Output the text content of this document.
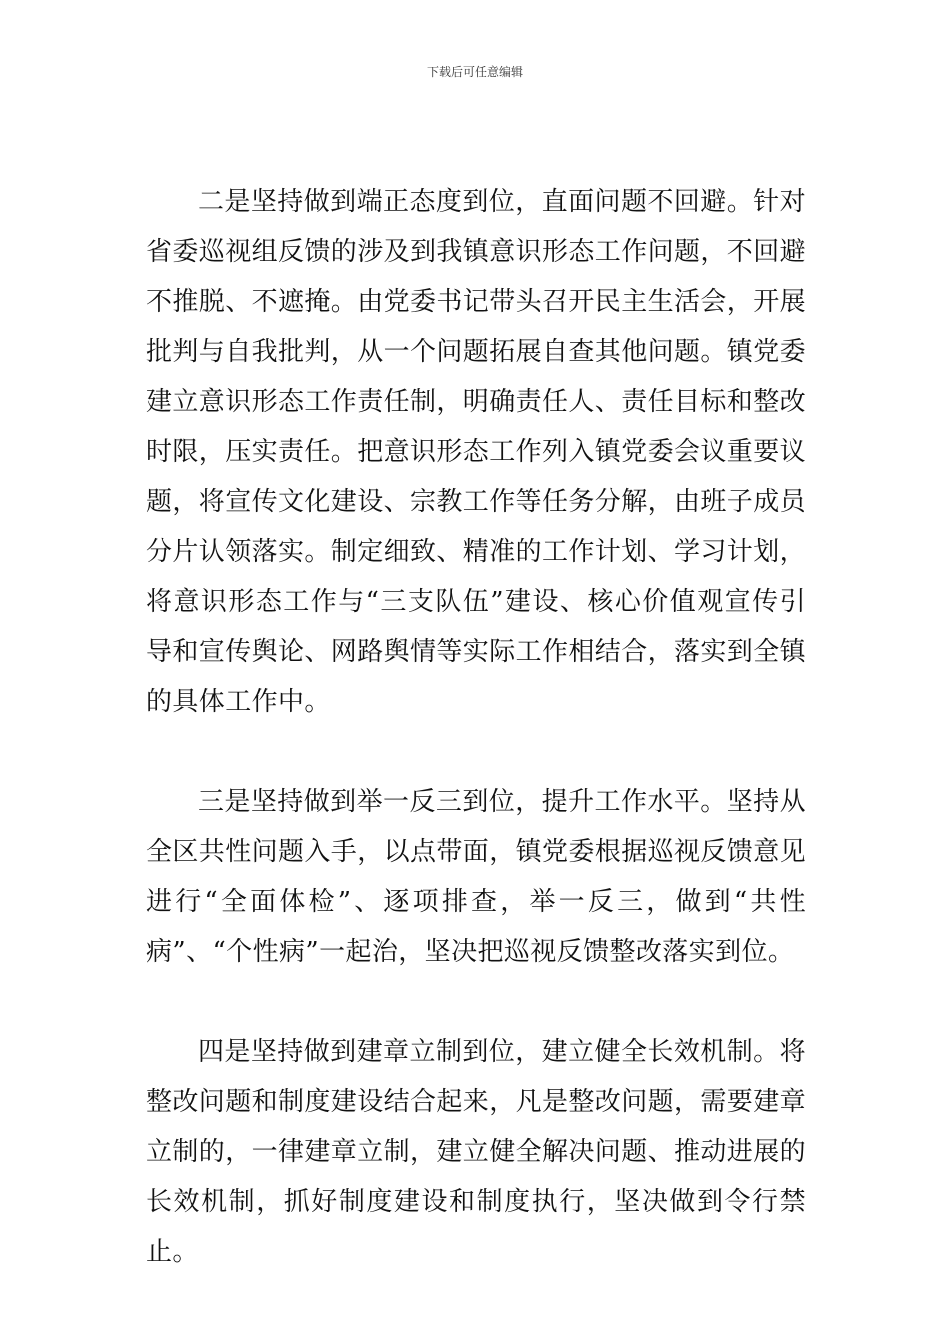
下载后可任意编辑

二是坚持做到端正态度到位，直面问题不回避。针对省委巡视组反馈的涉及到我镇意识形态工作问题，不回避不推脱、不遮掩。由党委书记带头召开民主生活会，开展批判与自我批判，从一个问题拓展自查其他问题。镇党委建立意识形态工作责任制，明确责任人、责任目标和整改时限，压实责任。把意识形态工作列入镇党委会议重要议题，将宣传文化建设、宗教工作等任务分解，由班子成员分片认领落实。制定细致、精准的工作计划、学习计划，将意识形态工作与“三支队伍”建设、核心价值观宣传引导和宣传舆论、网路舆情等实际工作相结合，落实到全镇的具体工作中。

三是坚持做到举一反三到位，提升工作水平。坚持从全区共性问题入手，以点带面，镇党委根据巡视反馈意见进行“全面体检”、逐项排查，举一反三，做到“共性病”、“个性病”一起治，坚决把巡视反馈整改落实到位。

四是坚持做到建章立制到位，建立健全长效机制。将整改问题和制度建设结合起来，凡是整改问题，需要建章立制的，一律建章立制，建立健全解决问题、推动进展的长效机制，抓好制度建设和制度执行，坚决做到令行禁止。
